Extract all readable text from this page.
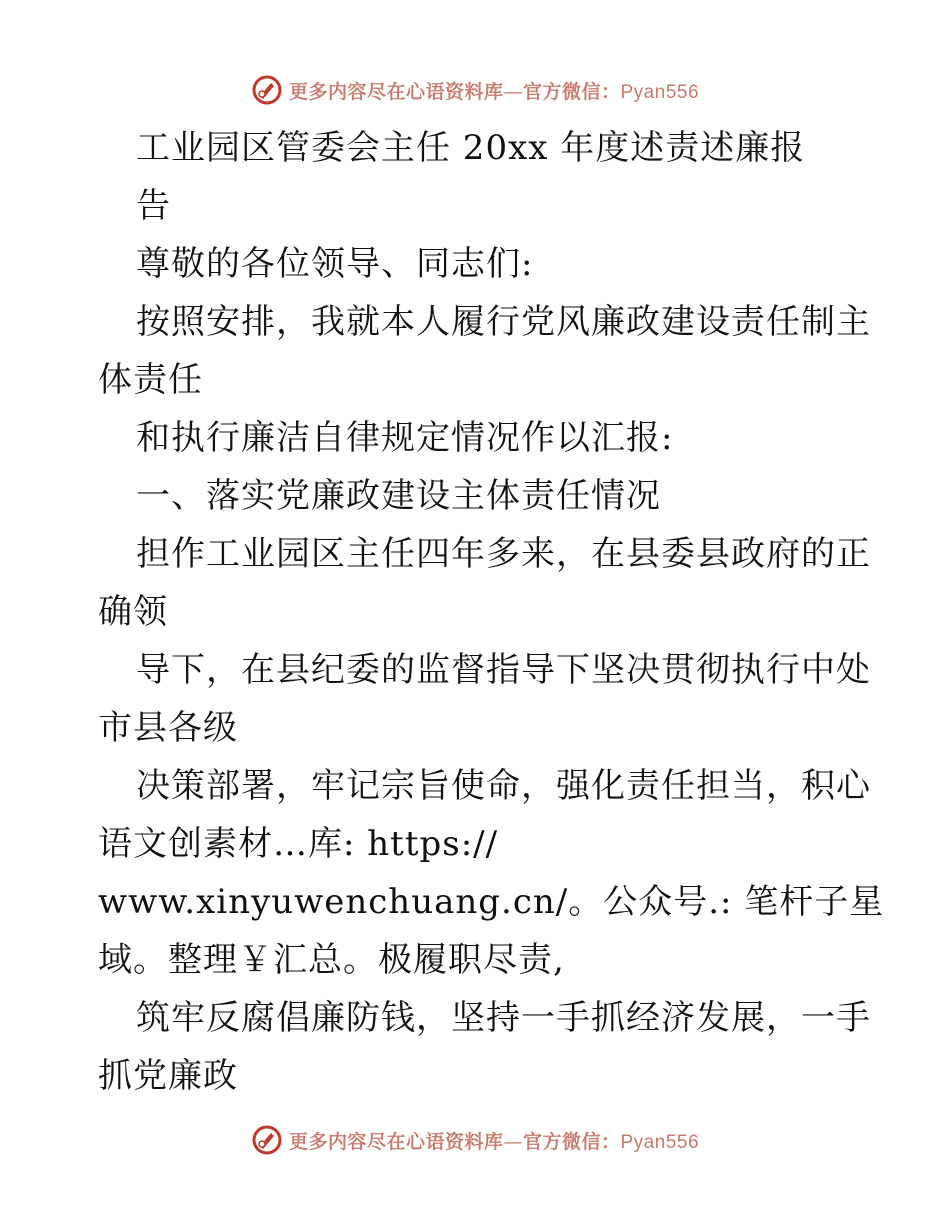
更多内容尽在心语资料库—官方微信：Pyan556
工业园区管委会主任 20xx 年度述责述廉报
告
尊敬的各位领导、同志们:
按照安排，我就本人履行党风廉政建设责任制主
体责任
和执行廉洁自律规定情况作以汇报:
一、落实党廉政建设主体责任情况
担作工业园区主任四年多来，在县委县政府的正
确领
导下，在县纪委的监督指导下坚决贯彻执行中处
市县各级
决策部署，牢记宗旨使命，强化责任担当，积心
语文创素材…库: https://
www.xinyuwenchuang.cn/。公众号.: 笔杆子星
域。整理￥汇总。极履职尽责,
筑牢反腐倡廉防钱，坚持一手抓经济发展，一手
抓党廉政
更多内容尽在心语资料库—官方微信：Pyan556
